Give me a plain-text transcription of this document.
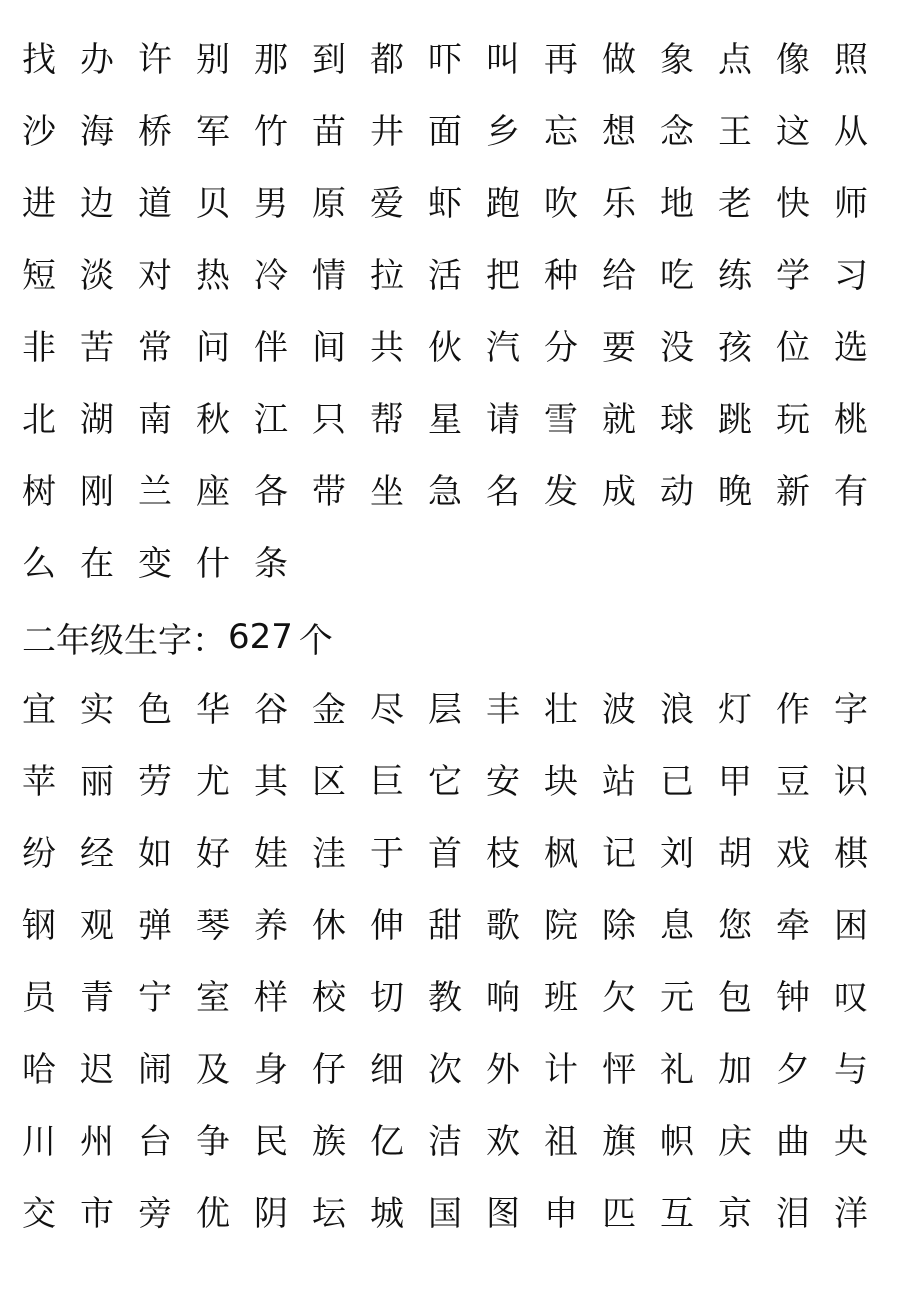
找 办 许 别 那 到 都 吓 叫 再 做 象 点 像 照
沙 海 桥 军 竹 苗 井 面 乡 忘 想 念 王 这 从
进 边 道 贝 男 原 爱 虾 跑 吹 乐 地 老 快 师
短 淡 对 热 冷 情 拉 活 把 种 给 吃 练 学 习
非 苦 常 问 伴 间 共 伙 汽 分 要 没 孩 位 选
北 湖 南 秋 江 只 帮 星 请 雪 就 球 跳 玩 桃
树 刚 兰 座 各 带 坐 急 名 发 成 动 晚 新 有
么 在 变 什 条
二年级生字： 627 个
宜 实 色 华 谷 金 尽 层 丰 壮 波 浪 灯 作 字
苹 丽 劳 尤 其 区 巨 它 安 块 站 已 甲 豆 识
纷 经 如 好 娃 洼 于 首 枝 枫 记 刘 胡 戏 棋
钢 观 弹 琴 养 休 伸 甜 歌 院 除 息 您 牵 困
员 青 宁 室 样 校 切 教 响 班 欠 元 包 钟 叹
哈 迟 闹 及 身 仔 细 次 外 计 怦 礼 加 夕 与
川 州 台 争 民 族 亿 洁 欢 祖 旗 帜 庆 曲 央
交 市 旁 优 阴 坛 城 国 图 申 匹 互 京 泪 洋
